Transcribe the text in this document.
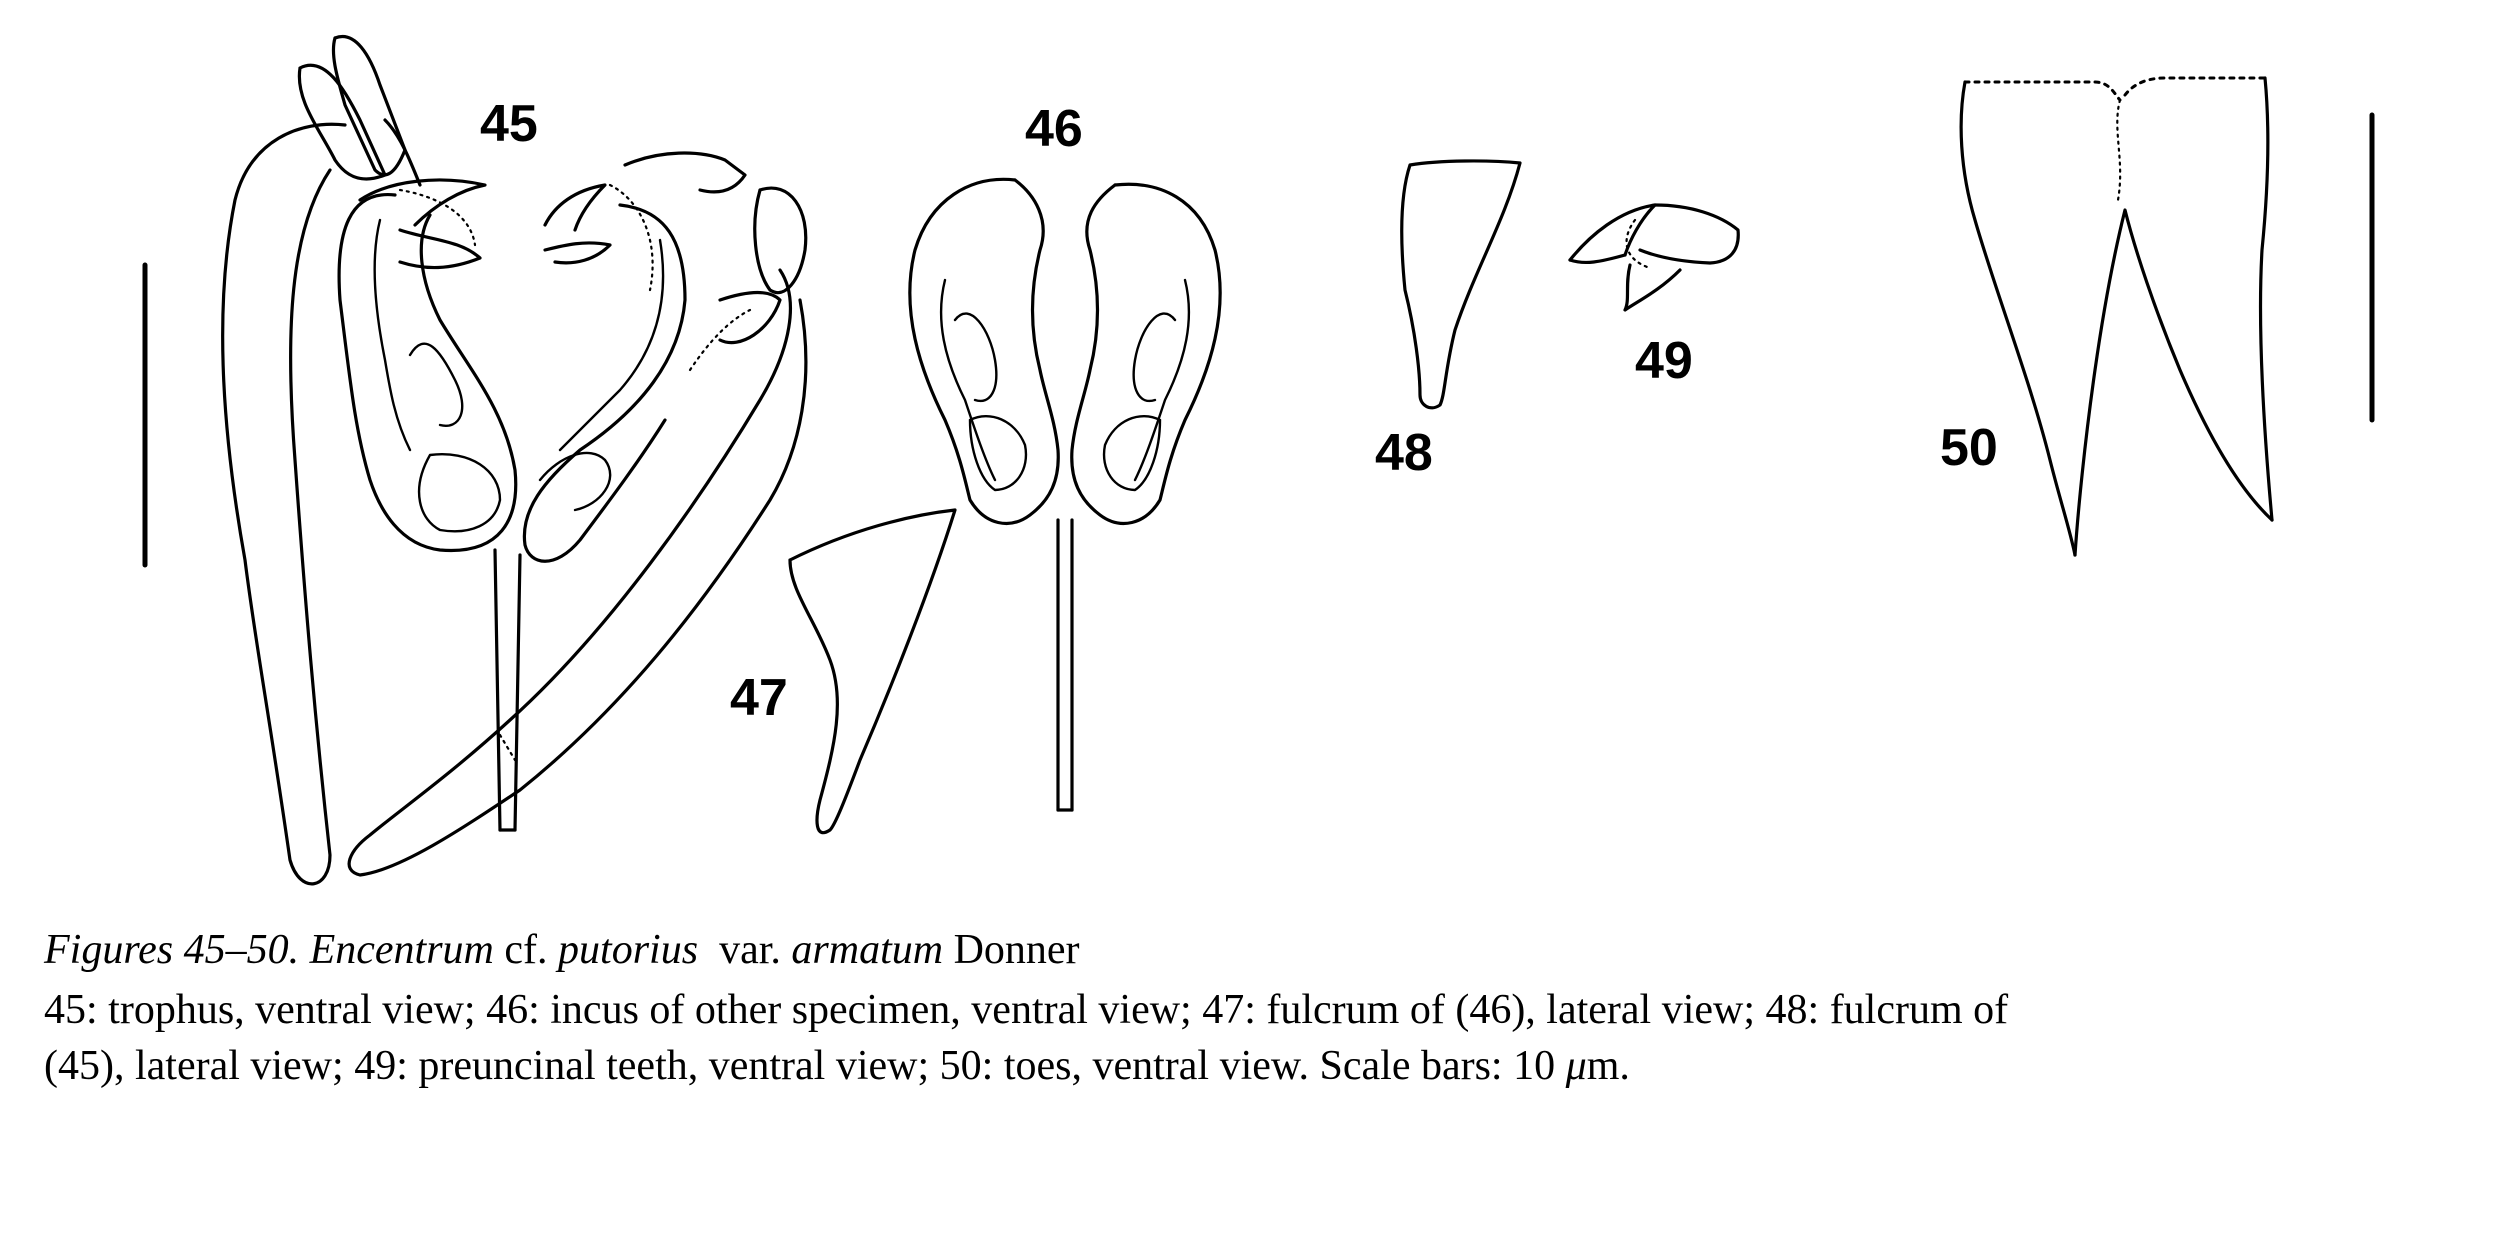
45	46
47
48
49
50

Figures 45–50. Encentrum cf. putorius var. armatum Donner

45: trophus, ventral view; 46: incus of other specimen, ventral view; 47: fulcrum of (46), lateral view; 48: fulcrum of
(45), lateral view; 49: preuncinal teeth, ventral view; 50: toes, ventral view. Scale bars: 10 μm.
